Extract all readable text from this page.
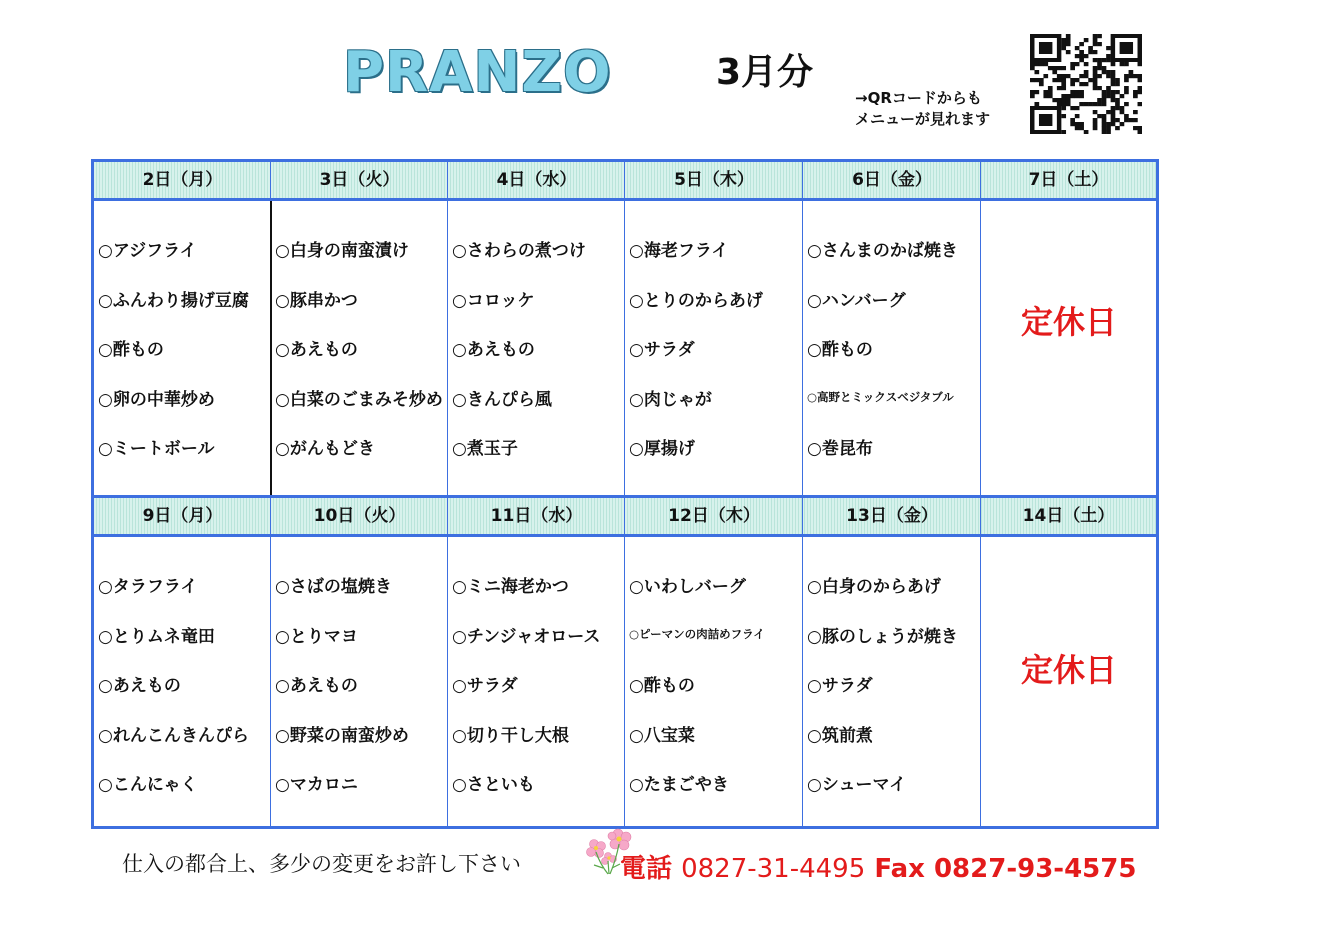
PRANZO	3月分
→QRコードからも
メニューが見れます
2日（月）
○アジフライ
○ふんわり揚げ豆腐
○酢もの
○卵の中華炒め
○ミートボール
3日（火）
○白身の南蛮漬け
○豚串かつ
○あえもの
○白菜のごまみそ炒め
○がんもどき
4日（水）
○さわらの煮つけ
○コロッケ
○あえもの
○きんぴら風
○煮玉子
5日（木）
○海老フライ
○とりのからあげ
○サラダ
○肉じゃが
○厚揚げ
6日（金）
○さんまのかば焼き
○ハンバーグ
○酢もの
○高野とミックスベジタブル
○巻昆布
7日（土）
定休日
9日（月）
○タラフライ
○とりムネ竜田
○あえもの
○れんこんきんぴら
○こんにゃく
10日（火）
○さばの塩焼き
○とりマヨ
○あえもの
○野菜の南蛮炒め
○マカロニ
11日（水）
○ミニ海老かつ
○チンジャオロース
○サラダ
○切り干し大根
○さといも
12日（木）
○いわしバーグ
○ピーマンの肉詰めフライ
○酢もの
○八宝菜
○たまごやき
13日（金）
○白身のからあげ
○豚のしょうが焼き
○サラダ
○筑前煮
○シューマイ
14日（土）
定休日
仕入の都合上、多少の変更をお許し下さい	電話 0827-31-4495 Fax 0827-93-4575
